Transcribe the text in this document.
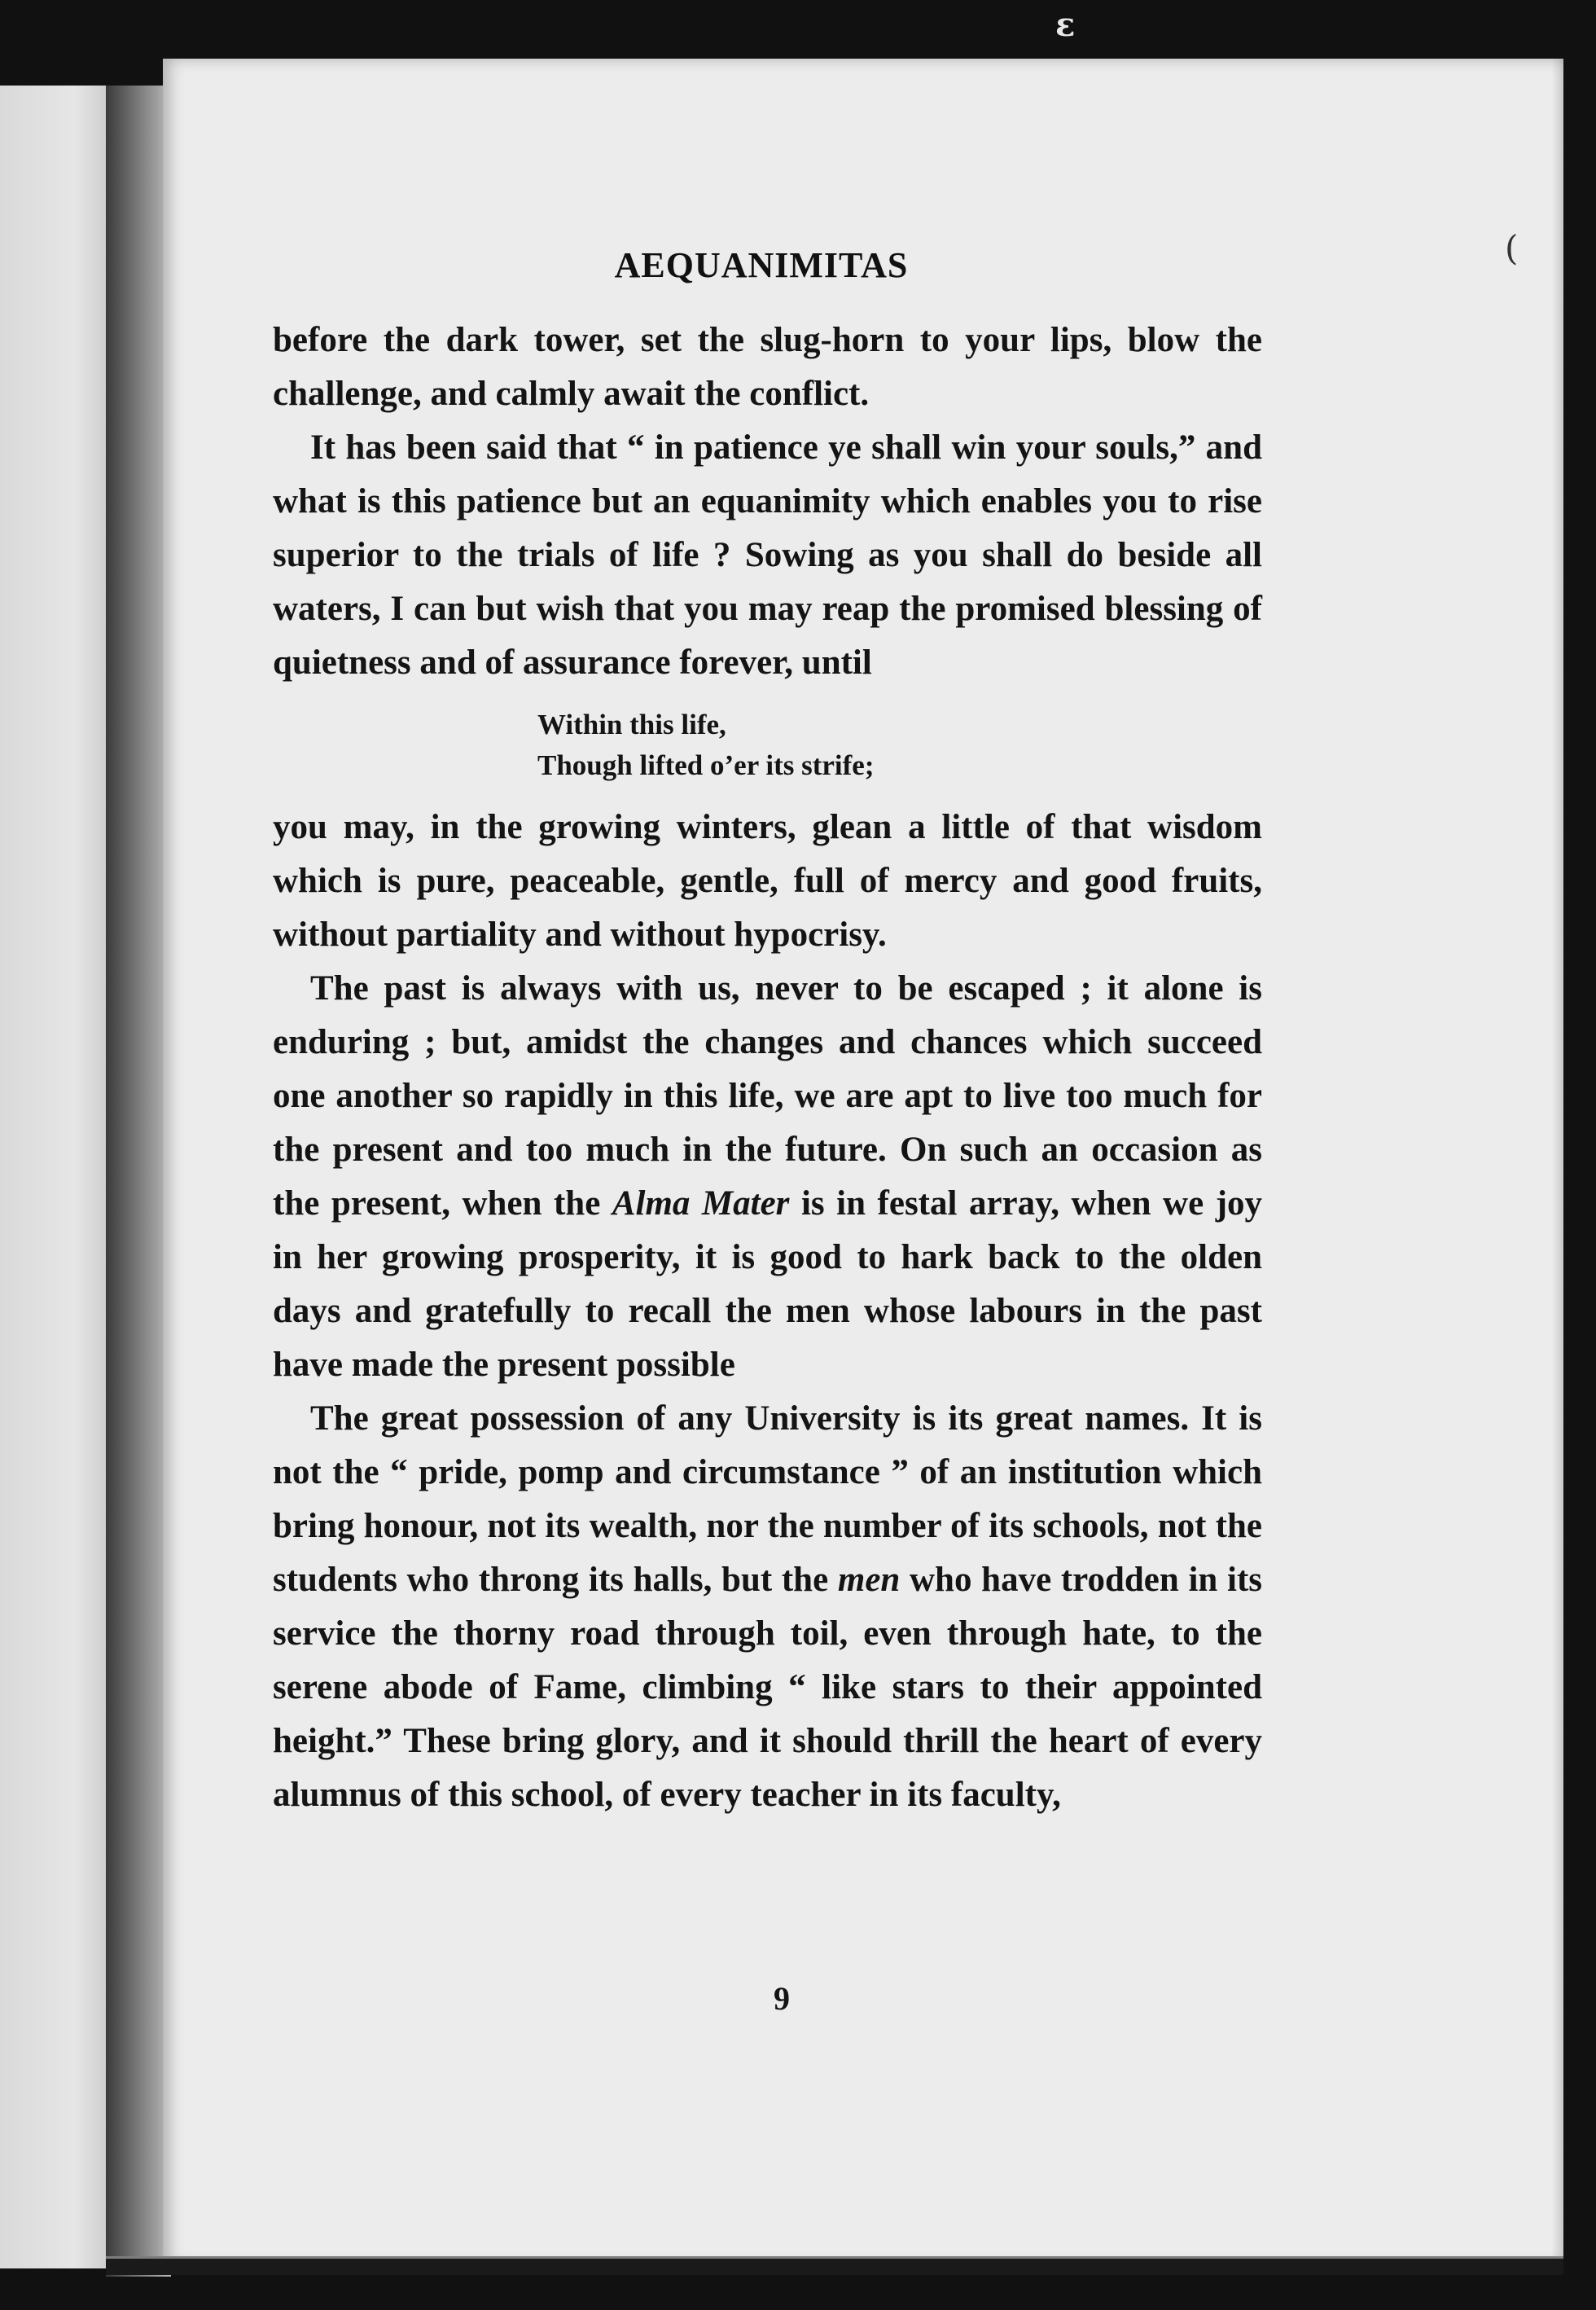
ɛ
(
AEQUANIMITAS

before the dark tower, set the slug-horn to your lips, blow the challenge, and calmly await the conflict.

It has been said that “ in patience ye shall win your souls,” and what is this patience but an equanimity which enables you to rise superior to the trials of life ? Sowing as you shall do beside all waters, I can but wish that you may reap the promised blessing of quietness and of assurance forever, until

Within this life,
Though lifted o’er its strife;

you may, in the growing winters, glean a little of that wisdom which is pure, peaceable, gentle, full of mercy and good fruits, without partiality and without hypocrisy.

The past is always with us, never to be escaped ; it alone is enduring ; but, amidst the changes and chances which succeed one another so rapidly in this life, we are apt to live too much for the present and too much in the future. On such an occasion as the present, when the Alma Mater is in festal array, when we joy in her growing prosperity, it is good to hark back to the olden days and gratefully to recall the men whose labours in the past have made the present possible

The great possession of any University is its great names. It is not the “ pride, pomp and circumstance ” of an institution which bring honour, not its wealth, nor the number of its schools, not the students who throng its halls, but the men who have trodden in its service the thorny road through toil, even through hate, to the serene abode of Fame, climbing “ like stars to their appointed height.” These bring glory, and it should thrill the heart of every alumnus of this school, of every teacher in its faculty,

9
